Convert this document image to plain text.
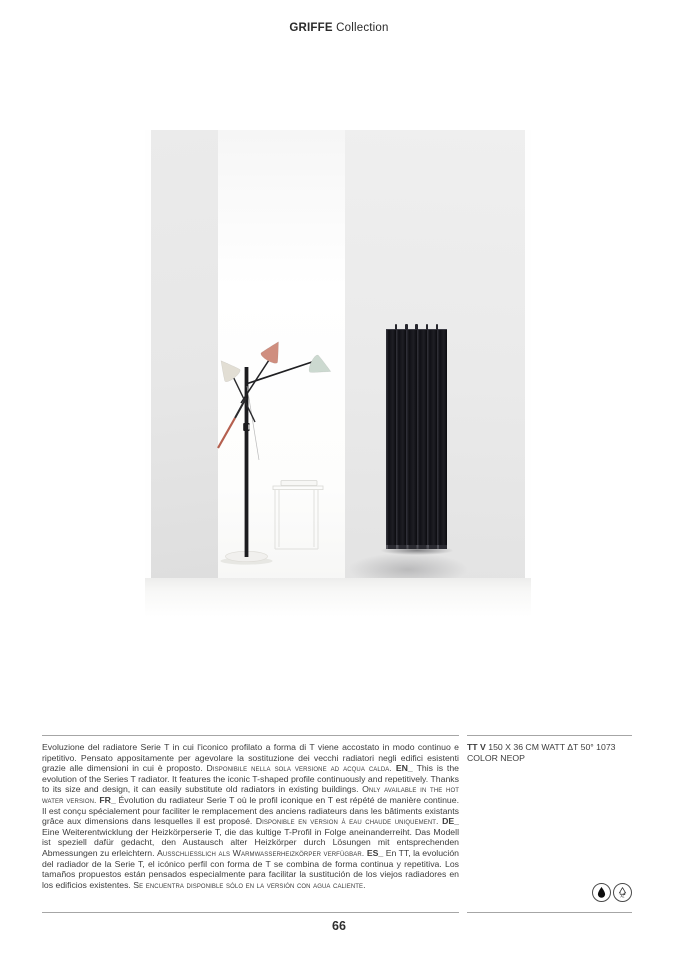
GRIFFE Collection

Evoluzione del radiatore Serie T in cui l'iconico profilato a forma di T viene accostato in modo continuo e ripetitivo. Pensato appositamente per agevolare la sostituzione dei vecchi radiatori negli edifici esistenti grazie alle dimensioni in cui è proposto. Disponibile nella sola versione ad acqua calda. EN_ This is the evolution of the Series T radiator. It features the iconic T-shaped profile continuously and repetitively. Thanks to its size and design, it can easily substitute old radiators in existing buildings. Only available in the hot water version. FR_ Évolution du radiateur Serie T où le profil iconique en T est répété de manière continue. Il est conçu spécialement pour faciliter le remplacement des anciens radiateurs dans les bâtiments existants grâce aux dimensions dans lesquelles il est proposé. Disponible en version à eau chaude uniquement. DE_ Eine Weiterentwicklung der Heizkörperserie T, die das kultige T-Profil in Folge aneinanderreiht. Das Modell ist speziell dafür gedacht, den Austausch alter Heizkörper durch Lösungen mit entsprechenden Abmessungen zu erleichtern. Ausschliesslich als Warmwasserheizkörper verfügbar. ES_ En TT, la evolución del radiador de la Serie T, el icónico perfil con forma de T se combina de forma continua y repetitiva. Los tamaños propuestos están pensados especialmente para facilitar la sustitución de los viejos radiadores en los edificios existentes. Se encuentra disponible sólo en la versión con agua caliente.

TT V 150 X 36 CM WATT ΔT 50° 1073
COLOR NEOP
AL
66
